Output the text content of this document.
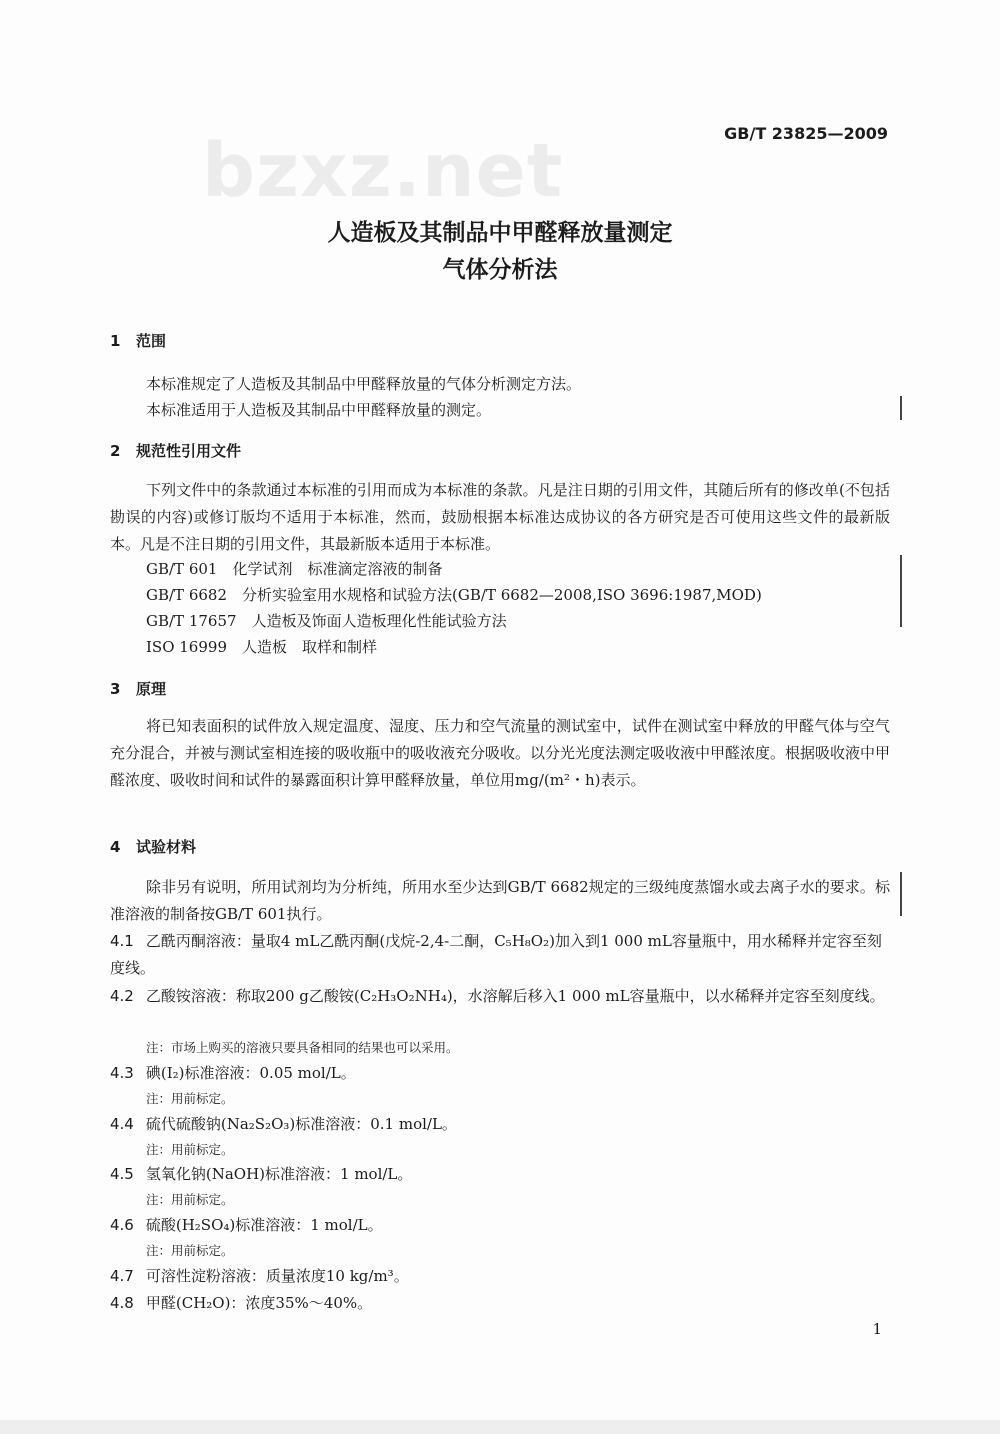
bzxz.net	GB/T 23825—2009
人造板及其制品中甲醛释放量测定
气体分析法
1 范围
本标准规定了人造板及其制品中甲醛释放量的气体分析测定方法。
本标准适用于人造板及其制品中甲醛释放量的测定。
2 规范性引用文件

下列文件中的条款通过本标准的引用而成为本标准的条款。凡是注日期的引用文件，其随后所有的修改单(不包括勘误的内容)或修订版均不适用于本标准，然而，鼓励根据本标准达成协议的各方研究是否可使用这些文件的最新版本。凡是不注日期的引用文件，其最新版本适用于本标准。

GB/T 601　 化学试剂　标准滴定溶液的制备
GB/T 6682　 分析实验室用水规格和试验方法(GB/T 6682—2008,ISO 3696:1987,MOD)
GB/T 17657　 人造板及饰面人造板理化性能试验方法
ISO 16999　 人造板　取样和制样
3 原理

将已知表面积的试件放入规定温度、湿度、压力和空气流量的测试室中，试件在测试室中释放的甲醛气体与空气充分混合，并被与测试室相连接的吸收瓶中的吸收液充分吸收。以分光光度法测定吸收液中甲醛浓度。根据吸收液中甲醛浓度、吸收时间和试件的暴露面积计算甲醛释放量，单位用mg/(m²・h)表示。

4 试验材料

除非另有说明，所用试剂均为分析纯，所用水至少达到GB/T 6682规定的三级纯度蒸馏水或去离子水的要求。标准溶液的制备按GB/T 601执行。

4.1 乙酰丙酮溶液：量取4 mL乙酰丙酮(戊烷-2,4-二酮，C₅H₈O₂)加入到1 000 mL容量瓶中，用水稀释并定容至刻度线。

4.2 乙酸铵溶液：称取200 g乙酸铵(C₂H₃O₂NH₄)，水溶解后移入1 000 mL容量瓶中，以水稀释并定容至刻度线。

注：市场上购买的溶液只要具备相同的结果也可以采用。

4.3 碘(I₂)标准溶液：0.05 mol/L。

注：用前标定。

4.4 硫代硫酸钠(Na₂S₂O₃)标准溶液：0.1 mol/L。

注：用前标定。

4.5 氢氧化钠(NaOH)标准溶液：1 mol/L。

注：用前标定。

4.6 硫酸(H₂SO₄)标准溶液：1 mol/L。

注：用前标定。

4.7 可溶性淀粉溶液：质量浓度10 kg/m³。

4.8 甲醛(CH₂O)：浓度35%～40%。

1
